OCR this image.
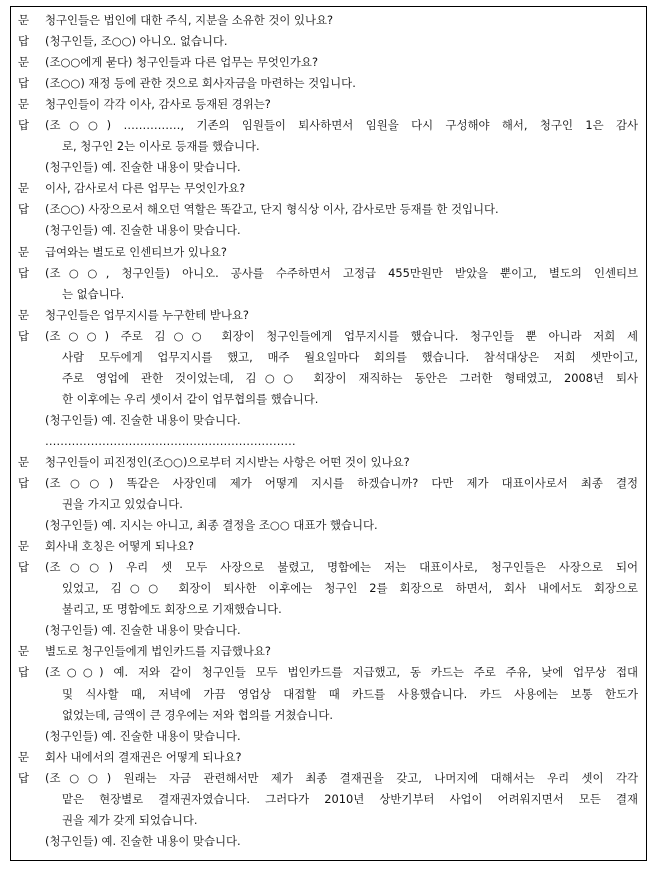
문 청구인들은 법인에 대한 주식, 지분을 소유한 것이 있나요?
답 (청구인들, 조○○) 아니오. 없습니다.
문 (조○○에게 묻다) 청구인들과 다른 업무는 무엇인가요?
답 (조○○) 재정 등에 관한 것으로 회사자금을 마련하는 것입니다.
문 청구인들이 각각 이사, 감사로 등재된 경위는?
답 (조○○) ……………, 기존의 임원들이 퇴사하면서 임원을 다시 구성해야 해서, 청구인 1은 감사
로, 청구인 2는 이사로 등재를 했습니다.
(청구인들) 예. 진술한 내용이 맞습니다.
문 이사, 감사로서 다른 업무는 무엇인가요?
답 (조○○) 사장으로서 해오던 역할은 똑같고, 단지 형식상 이사, 감사로만 등재를 한 것입니다.
(청구인들) 예. 진술한 내용이 맞습니다.
문 급여와는 별도로 인센티브가 있나요?
답 (조○○, 청구인들) 아니오. 공사를 수주하면서 고정급 455만원만 받았을 뿐이고, 별도의 인센티브
는 없습니다.
문 청구인들은 업무지시를 누구한테 받나요?
답 (조○○) 주로 김○○ 회장이 청구인들에게 업무지시를 했습니다. 청구인들 뿐 아니라 저희 세
사람 모두에게 업무지시를 했고, 매주 월요일마다 회의를 했습니다. 참석대상은 저희 셋만이고,
주로 영업에 관한 것이었는데, 김○○ 회장이 재직하는 동안은 그러한 형태였고, 2008년 퇴사
한 이후에는 우리 셋이서 같이 업무협의를 했습니다.
(청구인들) 예. 진술한 내용이 맞습니다.
…………………………………………………………
문 청구인들이 피진정인(조○○)으로부터 지시받는 사항은 어떤 것이 있나요?
답 (조○○) 똑같은 사장인데 제가 어떻게 지시를 하겠습니까? 다만 제가 대표이사로서 최종 결정
권을 가지고 있었습니다.
(청구인들) 예. 지시는 아니고, 최종 결정을 조○○ 대표가 했습니다.
문 회사내 호칭은 어떻게 되나요?
답 (조○○) 우리 셋 모두 사장으로 불렸고, 명함에는 저는 대표이사로, 청구인들은 사장으로 되어
있었고, 김○○ 회장이 퇴사한 이후에는 청구인 2를 회장으로 하면서, 회사 내에서도 회장으로
불리고, 또 명함에도 회장으로 기재했습니다.
(청구인들) 예. 진술한 내용이 맞습니다.
문 별도로 청구인들에게 법인카드를 지급했나요?
답 (조○○) 예. 저와 같이 청구인들 모두 법인카드를 지급했고, 동 카드는 주로 주유, 낮에 업무상 접대
및 식사할 때, 저녁에 가끔 영업상 대접할 때 카드를 사용했습니다. 카드 사용에는 보통 한도가
없었는데, 금액이 큰 경우에는 저와 협의를 거쳤습니다.
(청구인들) 예. 진술한 내용이 맞습니다.
문 회사 내에서의 결재권은 어떻게 되나요?
답 (조○○) 원래는 자금 관련해서만 제가 최종 결재권을 갖고, 나머지에 대해서는 우리 셋이 각각
맡은 현장별로 결재권자였습니다. 그러다가 2010년 상반기부터 사업이 어려워지면서 모든 결재
권을 제가 갖게 되었습니다.
(청구인들) 예. 진술한 내용이 맞습니다.
